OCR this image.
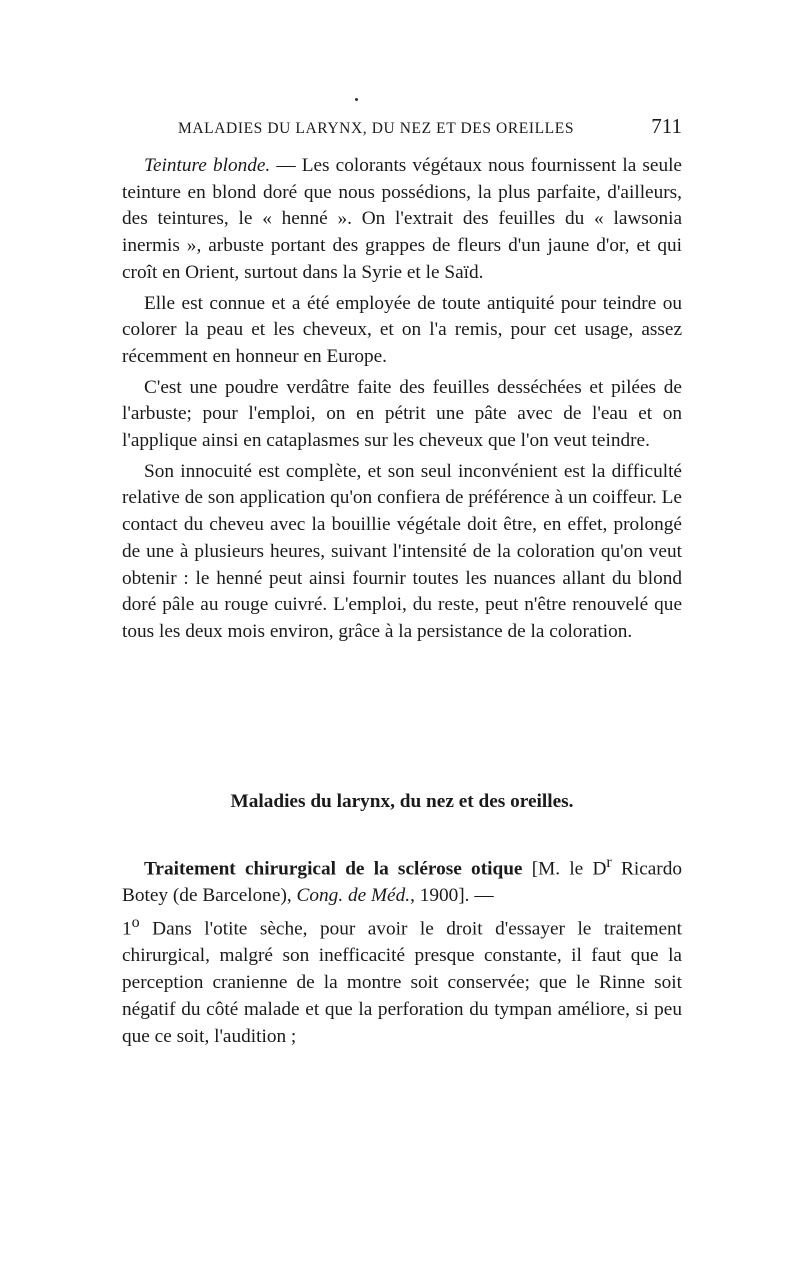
MALADIES DU LARYNX, DU NEZ ET DES OREILLES	711

Teinture blonde. — Les colorants végétaux nous fournissent la seule teinture en blond doré que nous possédions, la plus parfaite, d'ailleurs, des teintures, le « henné ». On l'extrait des feuilles du « lawsonia inermis », arbuste portant des grappes de fleurs d'un jaune d'or, et qui croît en Orient, surtout dans la Syrie et le Saïd.

Elle est connue et a été employée de toute antiquité pour teindre ou colorer la peau et les cheveux, et on l'a remis, pour cet usage, assez récemment en honneur en Europe.

C'est une poudre verdâtre faite des feuilles desséchées et pilées de l'arbuste; pour l'emploi, on en pétrit une pâte avec de l'eau et on l'applique ainsi en cataplasmes sur les cheveux que l'on veut teindre.

Son innocuité est complète, et son seul inconvénient est la difficulté relative de son application qu'on confiera de préférence à un coiffeur. Le contact du cheveu avec la bouillie végétale doit être, en effet, prolongé de une à plusieurs heures, suivant l'intensité de la coloration qu'on veut obtenir : le henné peut ainsi fournir toutes les nuances allant du blond doré pâle au rouge cuivré. L'emploi, du reste, peut n'être renouvelé que tous les deux mois environ, grâce à la persistance de la coloration.

Maladies du larynx, du nez et des oreilles.

Traitement chirurgical de la sclérose otique [M. le $D^r$ Ricardo Botey (de Barcelone), Cong. de Méd., 1900]. —
1$^o$ Dans l'otite sèche, pour avoir le droit d'essayer le traitement chirurgical, malgré son inefficacité presque constante, il faut que la perception cranienne de la montre soit conservée; que le Rinne soit négatif du côté malade et que la perforation du tympan améliore, si peu que ce soit, l'audition ;
